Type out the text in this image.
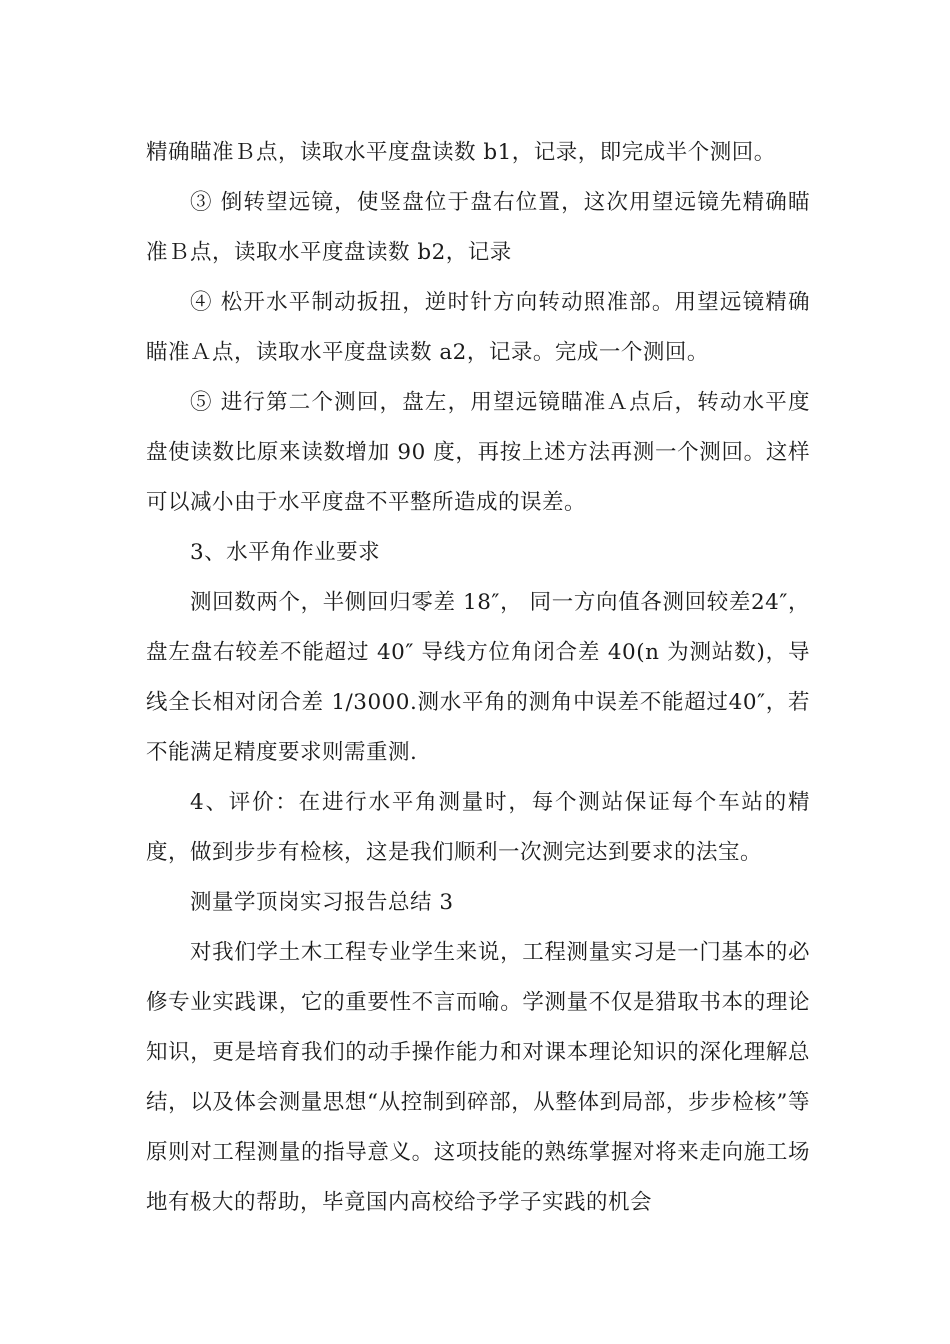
精确瞄准Ｂ点，读取水平度盘读数 b1，记录，即完成半个测回。

③ 倒转望远镜，使竖盘位于盘右位置，这次用望远镜先精确瞄准Ｂ点，读取水平度盘读数 b2，记录

④ 松开水平制动扳扭，逆时针方向转动照准部。用望远镜精确瞄准Ａ点，读取水平度盘读数 a2，记录。完成一个测回。

⑤ 进行第二个测回，盘左，用望远镜瞄准Ａ点后，转动水平度盘使读数比原来读数增加 90 度，再按上述方法再测一个测回。这样可以减小由于水平度盘不平整所造成的误差。

3、水平角作业要求

测回数两个，半侧回归零差 18″， 同一方向值各测回较差24″， 盘左盘右较差不能超过 40″ 导线方位角闭合差 40(n 为测站数)，导线全长相对闭合差 1/3000.测水平角的测角中误差不能超过40″，若不能满足精度要求则需重测.

4、评价：在进行水平角测量时，每个测站保证每个车站的精度，做到步步有检核，这是我们顺利一次测完达到要求的法宝。

测量学顶岗实习报告总结 3

对我们学土木工程专业学生来说，工程测量实习是一门基本的必修专业实践课，它的重要性不言而喻。学测量不仅是猎取书本的理论知识，更是培育我们的动手操作能力和对课本理论知识的深化理解总结，以及体会测量思想“从控制到碎部，从整体到局部，步步检核”等原则对工程测量的指导意义。这项技能的熟练掌握对将来走向施工场地有极大的帮助，毕竟国内高校给予学子实践的机会
